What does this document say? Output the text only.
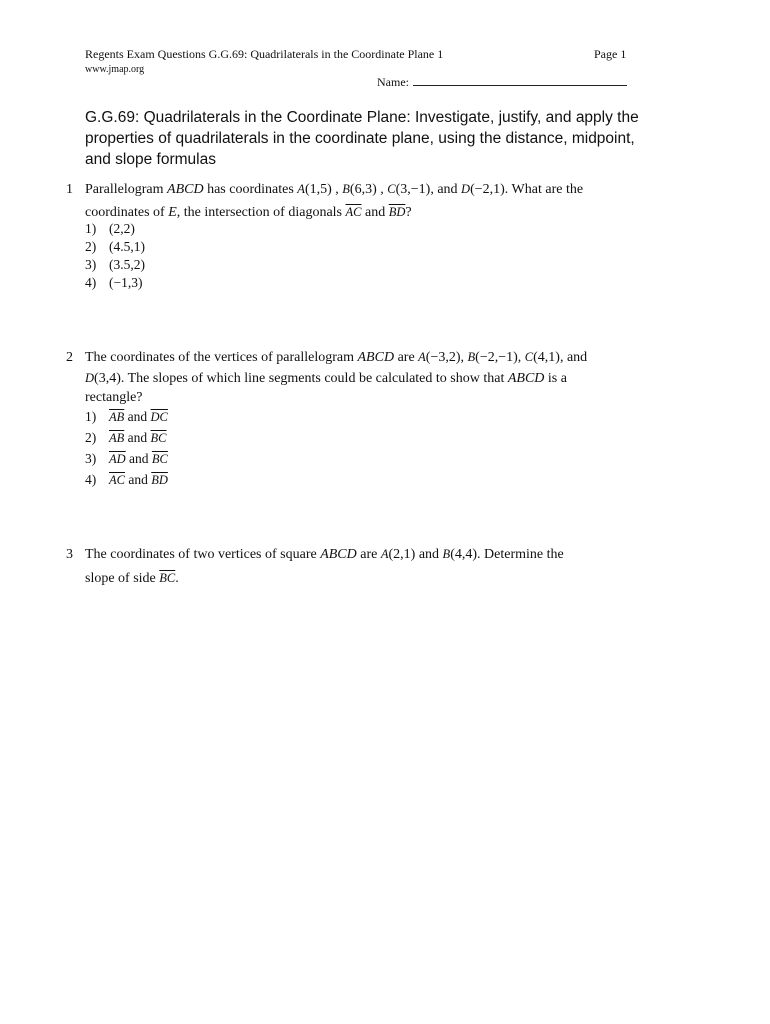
Regents Exam Questions G.G.69: Quadrilaterals in the Coordinate Plane 1	Page 1
www.jmap.org
Name:
G.G.69: Quadrilaterals in the Coordinate Plane: Investigate, justify, and apply the
properties of quadrilaterals in the coordinate plane, using the distance, midpoint,
and slope formulas
1 Parallelogram ABCD has coordinates A(1,5) , B(6,3) , C(3,−1), and D(−2,1). What are the
coordinates of E, the intersection of diagonals $\overline{AC}$ and $\overline{BD}$?
1) (2,2)
2) (4.5,1)
3) (3.5,2)
4) (−1,3)
2 The coordinates of the vertices of parallelogram ABCD are A(−3,2), B(−2,−1), C(4,1), and
D(3,4). The slopes of which line segments could be calculated to show that ABCD is a
rectangle?
1) $\overline{AB}$ and $\overline{DC}$
2) $\overline{AB}$ and $\overline{BC}$
3) $\overline{AD}$ and $\overline{BC}$
4) $\overline{AC}$ and $\overline{BD}$
3 The coordinates of two vertices of square ABCD are A(2,1) and B(4,4). Determine the
slope of side $\overline{BC}$.
